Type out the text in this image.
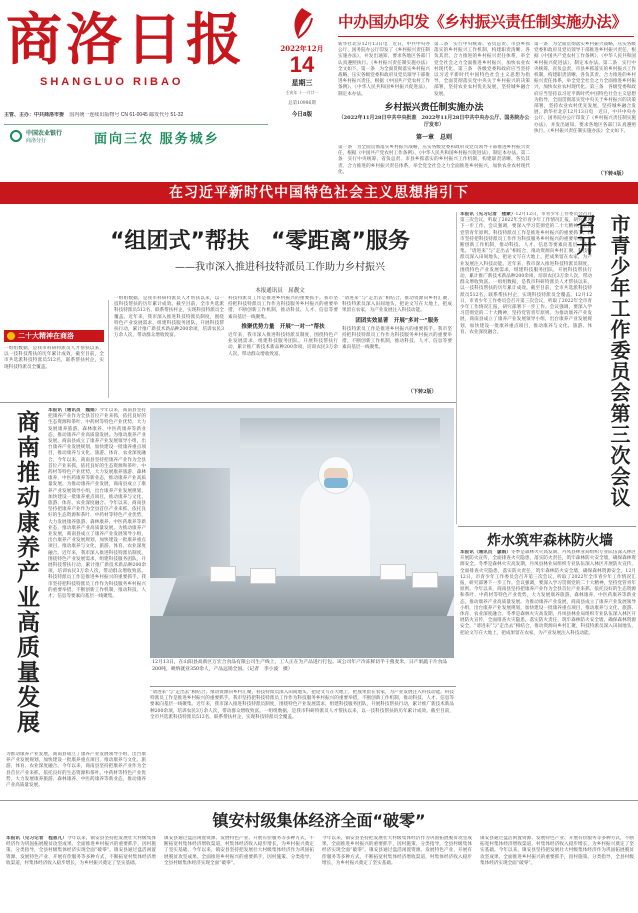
商洛日报
SHANGLUO RIBAO
主管、主办：中共商洛市委 国内统一连续出版物号 CN 61-0045 邮发代号 51-32
中国农业银行
商洛分行	面向三农 服务城乡
2022年12月
14
星期三
壬寅年 十一月廿一
总第10986期
今日8版
中办国办印发《乡村振兴责任制实施办法》
新华社北京12月13日电　近日，中共中央办公厅、国务院办公厅印发了《乡村振兴责任制实施办法》，并发出通知，要求各地区各部门认真遵照执行。《乡村振兴责任制实施办法》全文如下。第一条　为全面贯彻落实乡村振兴战略，压实各级党委和政府及党员领导干部推进乡村振兴责任，根据《中国共产党农村工作条例》、《中华人民共和国乡村振兴促进法》，制定本办法。
第二条　实行中央统筹、省负总责、市县乡抓落实的乡村振兴工作机制，构建职责清晰、各负其责、合力推进的乡村振兴责任体系，举全党全社会之力全面推进乡村振兴，加快农业农村现代化。第三条　各级党委和政府应当坚持以习近平新时代中国特色社会主义思想为指导，全面贯彻落实党中央关于乡村振兴的决策部署，坚持农业农村优先发展，坚持城乡融合发展。
第一条　为全面贯彻落实乡村振兴战略，压实各级党委和政府及党员领导干部推进乡村振兴责任，根据《中国共产党农村工作条例》、《中华人民共和国乡村振兴促进法》，制定本办法。第二条　实行中央统筹、省负总责、市县乡抓落实的乡村振兴工作机制，构建职责清晰、各负其责、合力推进的乡村振兴责任体系，举全党全社会之力全面推进乡村振兴，加快农业农村现代化。第三条　各级党委和政府应当坚持以习近平新时代中国特色社会主义思想为指导，全面贯彻落实党中央关于乡村振兴的决策部署，坚持农业农村优先发展，坚持城乡融合发展。新华社北京12月13日电　近日，中共中央办公厅、国务院办公厅印发了《乡村振兴责任制实施办法》，并发出通知，要求各地区各部门认真遵照执行。《乡村振兴责任制实施办法》全文如下。
乡村振兴责任制实施办法
（2022年11月28日中共中央批准　2022年11月28日中共中央办公厅、国务院办公厅发布）
第一章　总则
第一条　为全面贯彻落实乡村振兴战略，压实各级党委和政府及党员领导干部推进乡村振兴责任，根据《中国共产党农村工作条例》、《中华人民共和国乡村振兴促进法》，制定本办法。第二条　实行中央统筹、省负总责、市县乡抓落实的乡村振兴工作机制，构建职责清晰、各负其责、合力推进的乡村振兴责任体系，举全党全社会之力全面推进乡村振兴，加快农业农村现代化。	（下转4版）
在习近平新时代中国特色社会主义思想指引下
“组团式”帮扶　“零距离”服务
——我市深入推进科技特派员工作助力乡村振兴
本报通讯员　屈靓文
二十大精神在商洛
一组组数据，是我市科研特派员人才帮扶以来，以一技科技帮扶的历年累计成效。截至目前，全市共选派科技特派员512名，联系帮扶村企，实现科技特派员全覆盖。
一组组数据，是我市科研特派员人才帮扶以来，以一技科技帮扶的历年累计成效。截至目前，全市共选派科技特派员512名，联系帮扶村企，实现科技特派员全覆盖。近年来，我市深入推进科技特派员制度，围绕特色产业发展需求，组建科技服务团队，开展科技帮扶行动，累计推广新技术新品种200余项，培训农民3万余人次，带动群众增收致富。
科技特派员工作是推进乡村振兴的重要抓手。我市坚持把科技特派员工作作为科技服务乡村振兴的重要举措，不断创新工作机制，推动科技、人才、信息等要素向基层一线聚集。
推聚优势力量　开展“一对一”帮扶
近年来，我市深入推进科技特派员制度，围绕特色产业发展需求，组建科技服务团队，开展科技帮扶行动，累计推广新技术新品种200余项，培训农民3万余人次，带动群众增收致富。
“请进来”与“走出去”相结合，推动资源向乡村汇聚，科技特派员深入田间地头，把论文写在大地上，把成果留在农家，为产业发展注入科技动能。
团团实效显著　开展“多对一”服务
科技特派员工作是推进乡村振兴的重要抓手。我市坚持把科技特派员工作作为科技服务乡村振兴的重要举措，不断创新工作机制，推动科技、人才、信息等要素向基层一线聚集。
（下转2版）
本报讯（见习记者　楼蒙）12月12日，市青少年工作委员会召开第三次会议，听取了2022年全市青少年工作情况汇报，研究部署下一步工作。会议强调，要深入学习贯彻党的二十大精神，坚持党管青年原则。科技特派员工作是推进乡村振兴的重要抓手。我市坚持把科技特派员工作作为科技服务乡村振兴的重要举措，不断创新工作机制，推动科技、人才、信息等要素向基层一线聚集。“请进来”与“走出去”相结合，推动资源向乡村汇聚，科技特派员深入田间地头，把论文写在大地上，把成果留在农家，为产业发展注入科技动能。近年来，我市深入推进科技特派员制度，围绕特色产业发展需求，组建科技服务团队，开展科技帮扶行动，累计推广新技术新品种200余项，培训农民3万余人次，带动群众增收致富。一组组数据，是我市科研特派员人才帮扶以来，以一技科技帮扶的历年累计成效。截至目前，全市共选派科技特派员512名，联系帮扶村企，实现科技特派员全覆盖。12月12日，市青少年工作委员会召开第三次会议，听取了2022年全市青少年工作情况汇报，研究部署下一步工作。会议强调，要深入学习贯彻党的二十大精神，坚持党管青年原则。为推动康养产业发展，商南县成立了康养产业发展领导小组，出台康养产业发展规划，加快建设一批康养重点项目，推动康养与文化、旅游、体育、农业深度融合。	市青少年工作委员会第三次会议召开
商南推动康养产业高质量发展	本报讯（通讯员　魏娟）今年以来，商南县坚持把康养产业作为全县首位产业来抓，依托良好的生态资源和茶叶、中药材等特色产业优势，大力发展康养旅游、森林康养、中医药康养等新业态，推动康养产业高质量发展。为推动康养产业发展，商南县成立了康养产业发展领导小组，出台康养产业发展规划，加快建设一批康养重点项目，推动康养与文化、旅游、体育、农业深度融合。今年以来，商南县坚持把康养产业作为全县首位产业来抓，依托良好的生态资源和茶叶、中药材等特色产业优势，大力发展康养旅游、森林康养、中医药康养等新业态，推动康养产业高质量发展。为推动康养产业发展，商南县成立了康养产业发展领导小组，出台康养产业发展规划，加快建设一批康养重点项目，推动康养与文化、旅游、体育、农业深度融合。今年以来，商南县坚持把康养产业作为全县首位产业来抓，依托良好的生态资源和茶叶、中药材等特色产业优势，大力发展康养旅游、森林康养、中医药康养等新业态，推动康养产业高质量发展。为推动康养产业发展，商南县成立了康养产业发展领导小组，出台康养产业发展规划，加快建设一批康养重点项目，推动康养与文化、旅游、体育、农业深度融合。近年来，我市深入推进科技特派员制度，围绕特色产业发展需求，组建科技服务团队，开展科技帮扶行动，累计推广新技术新品种200余项，培训农民3万余人次，带动群众增收致富。科技特派员工作是推进乡村振兴的重要抓手。我市坚持把科技特派员工作作为科技服务乡村振兴的重要举措，不断创新工作机制，推动科技、人才、信息等要素向基层一线聚集。
为推动康养产业发展，商南县成立了康养产业发展领导小组，出台康养产业发展规划，加快建设一批康养重点项目，推动康养与文化、旅游、体育、农业深度融合。今年以来，商南县坚持把康养产业作为全县首位产业来抓，依托良好的生态资源和茶叶、中药材等特色产业优势，大力发展康养旅游、森林康养、中医药康养等新业态，推动康养产业高质量发展。
12月13日，在山阳县高新区万宏合食品有限公司生产线上，工人正在为产品进行打包。该公司年产冷冻鲜切半干燕麦米，日产果蔬干片食品200吨，吸纳就业350余人，产品远销全国。（记者　李小波　摄）
“请进来”与“走出去”相结合，推动资源向乡村汇聚，科技特派员深入田间地头，把论文写在大地上，把成果留在农家，为产业发展注入科技动能。科技特派员工作是推进乡村振兴的重要抓手。我市坚持把科技特派员工作作为科技服务乡村振兴的重要举措，不断创新工作机制，推动科技、人才、信息等要素向基层一线聚集。近年来，我市深入推进科技特派员制度，围绕特色产业发展需求，组建科技服务团队，开展科技帮扶行动，累计推广新技术新品种200余项，培训农民3万余人次，带动群众增收致富。一组组数据，是我市科研特派员人才帮扶以来，以一技科技帮扶的历年累计成效。截至目前，全市共选派科技特派员512名，联系帮扶村企，实现科技特派员全覆盖。
炸水筑牢森林防火墙
本报讯（通讯员　廖娟）冬季是森林火灾高发期，丹凤县林业局组织专业队伍深入林区开展防火宣传，全面排查火灾隐患，落实防火责任，筑牢森林防火安全墙，确保森林资源安全。冬季是森林火灾高发期，丹凤县林业局组织专业队伍深入林区开展防火宣传，全面排查火灾隐患，落实防火责任，筑牢森林防火安全墙，确保森林资源安全。12月12日，市青少年工作委员会召开第三次会议，听取了2022年全市青少年工作情况汇报，研究部署下一步工作。会议强调，要深入学习贯彻党的二十大精神，坚持党管青年原则。今年以来，商南县坚持把康养产业作为全县首位产业来抓，依托良好的生态资源和茶叶、中药材等特色产业优势，大力发展康养旅游、森林康养、中医药康养等新业态，推动康养产业高质量发展。为推动康养产业发展，商南县成立了康养产业发展领导小组，出台康养产业发展规划，加快建设一批康养重点项目，推动康养与文化、旅游、体育、农业深度融合。冬季是森林火灾高发期，丹凤县林业局组织专业队伍深入林区开展防火宣传，全面排查火灾隐患，落实防火责任，筑牢森林防火安全墙，确保森林资源安全。“请进来”与“走出去”相结合，推动资源向乡村汇聚，科技特派员深入田间地头，把论文写在大地上，把成果留在农家，为产业发展注入科技动能。
镇安村级集体经济全面“破零”
本报讯（见习记者　程恩凡）今年以来，镇安县坚持把发展壮大村级集体经济作为巩固拓展脱贫攻坚成果、全面推进乡村振兴的重要抓手，因村施策、分类指导，全县村级集体经济实现全面“破零”。镇安县通过盘活闲置资源、发展特色产业、开展有偿服务等多种方式，不断拓宽村集体经济增收渠道，村集体经济收入稳步增长，为乡村振兴奠定了坚实基础。
镇安县通过盘活闲置资源、发展特色产业、开展有偿服务等多种方式，不断拓宽村集体经济增收渠道，村集体经济收入稳步增长，为乡村振兴奠定了坚实基础。今年以来，镇安县坚持把发展壮大村级集体经济作为巩固拓展脱贫攻坚成果、全面推进乡村振兴的重要抓手，因村施策、分类指导，全县村级集体经济实现全面“破零”。
今年以来，镇安县坚持把发展壮大村级集体经济作为巩固拓展脱贫攻坚成果、全面推进乡村振兴的重要抓手，因村施策、分类指导，全县村级集体经济实现全面“破零”。镇安县通过盘活闲置资源、发展特色产业、开展有偿服务等多种方式，不断拓宽村集体经济增收渠道，村集体经济收入稳步增长，为乡村振兴奠定了坚实基础。
镇安县通过盘活闲置资源、发展特色产业、开展有偿服务等多种方式，不断拓宽村集体经济增收渠道，村集体经济收入稳步增长，为乡村振兴奠定了坚实基础。今年以来，镇安县坚持把发展壮大村级集体经济作为巩固拓展脱贫攻坚成果、全面推进乡村振兴的重要抓手，因村施策、分类指导，全县村级集体经济实现全面“破零”。
